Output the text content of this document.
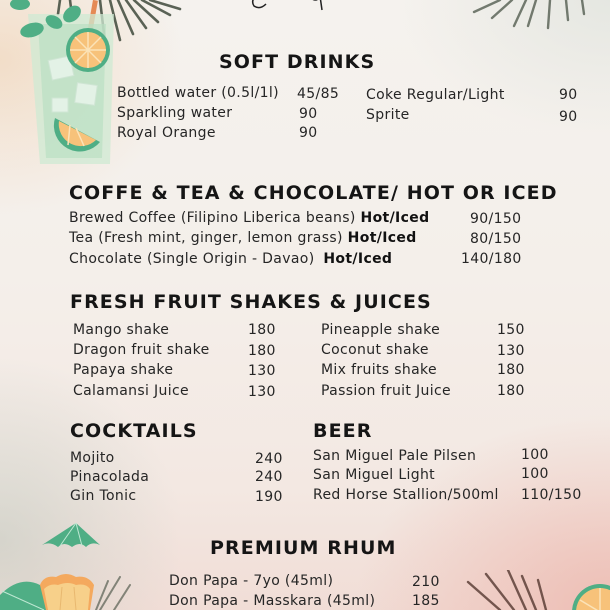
SOFT DRINKS
Bottled water (0.5l/1l) 45/85
Sparkling water	90
Royal Orange	90
Coke Regular/Light	90
Sprite	90
COFFE & TEA & CHOCOLATE/ HOT OR ICED
Brewed Coffee (Filipino Liberica beans) Hot/Iced	90/150
Tea (Fresh mint, ginger, lemon grass) Hot/Iced	80/150
Chocolate (Single Origin - Davao) Hot/Iced	140/180
FRESH FRUIT SHAKES & JUICES
Mango shake	180
Dragon fruit shake	180
Papaya shake	130
Calamansi Juice	130
Pineapple shake	150
Coconut shake	130
Mix fruits shake	180
Passion fruit Juice	180
COCKTAILS
Mojito	240
Pinacolada	240
Gin Tonic	190
BEER
San Miguel Pale Pilsen	100
San Miguel Light	100
Red Horse Stallion/500ml 110/150
PREMIUM RHUM
Don Papa - 7yo (45ml)	210
Don Papa - Masskara (45ml)	185
